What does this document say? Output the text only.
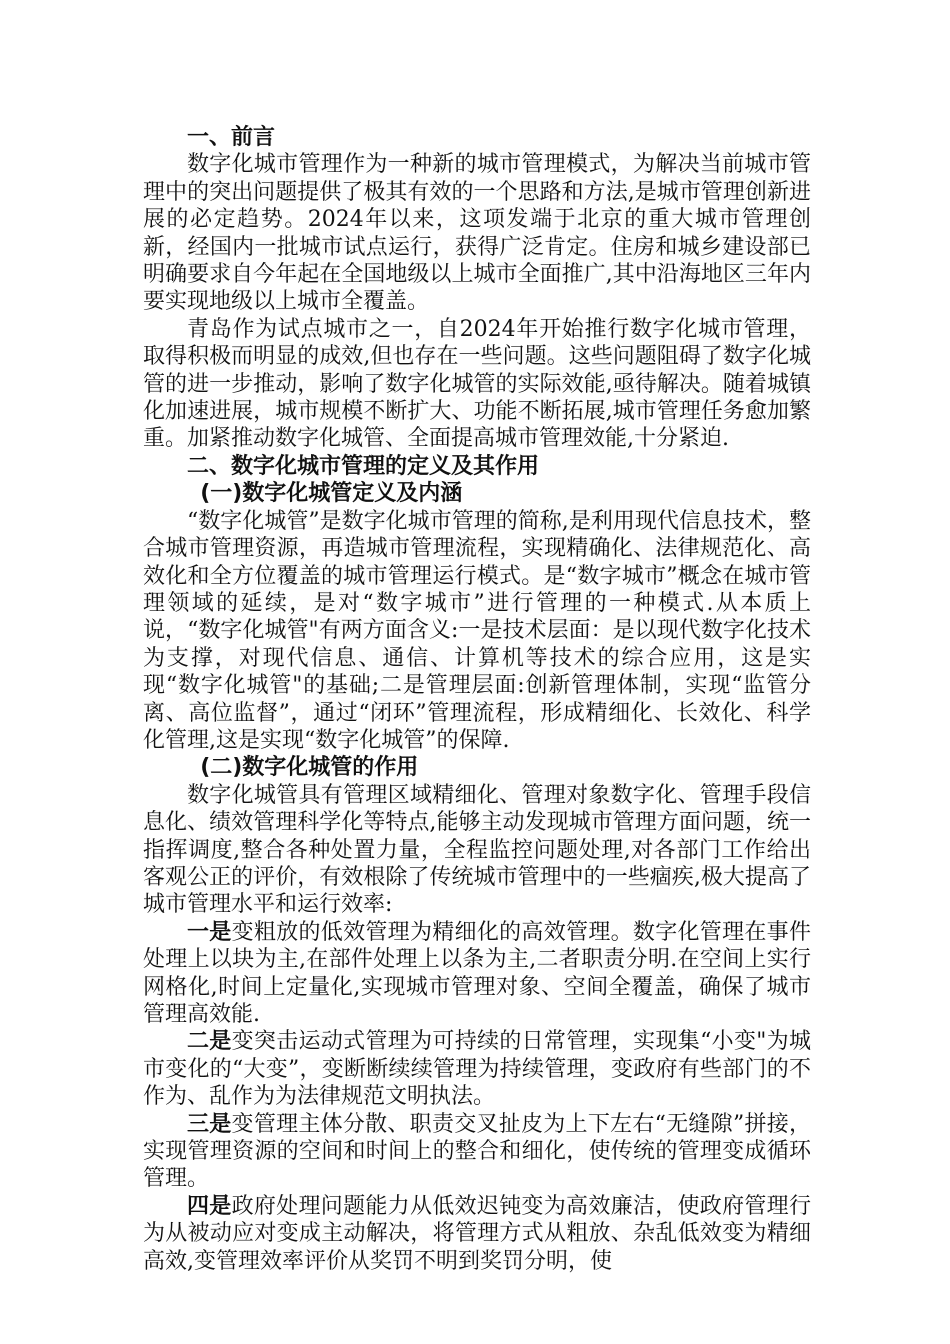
一、前言

数字化城市管理作为一种新的城市管理模式，为解决当前城市管理中的突出问题提供了极其有效的一个思路和方法,是城市管理创新进展的必定趋势。2024年以来，这项发端于北京的重大城市管理创新，经国内一批城市试点运行，获得广泛肯定。住房和城乡建设部已明确要求自今年起在全国地级以上城市全面推广,其中沿海地区三年内要实现地级以上城市全覆盖。

青岛作为试点城市之一，自2024年开始推行数字化城市管理，取得积极而明显的成效,但也存在一些问题。这些问题阻碍了数字化城管的进一步推动，影响了数字化城管的实际效能,亟待解决。随着城镇化加速进展，城市规模不断扩大、功能不断拓展,城市管理任务愈加繁重。加紧推动数字化城管、全面提高城市管理效能,十分紧迫.

二、数字化城市管理的定义及其作用
(一)数字化城管定义及内涵

“数字化城管”是数字化城市管理的简称,是利用现代信息技术，整合城市管理资源，再造城市管理流程，实现精确化、法律规范化、高效化和全方位覆盖的城市管理运行模式。是“数字城市”概念在城市管理领域的延续，是对“数字城市”进行管理的一种模式.从本质上说，“数字化城管"有两方面含义:一是技术层面：是以现代数字化技术为支撑，对现代信息、通信、计算机等技术的综合应用，这是实现“数字化城管"的基础;二是管理层面:创新管理体制，实现“监管分离、高位监督”，通过“闭环”管理流程，形成精细化、长效化、科学化管理,这是实现“数字化城管”的保障.

(二)数字化城管的作用

数字化城管具有管理区域精细化、管理对象数字化、管理手段信息化、绩效管理科学化等特点,能够主动发现城市管理方面问题，统一指挥调度,整合各种处置力量，全程监控问题处理,对各部门工作给出客观公正的评价，有效根除了传统城市管理中的一些痼疾,极大提高了城市管理水平和运行效率:

一是变粗放的低效管理为精细化的高效管理。数字化管理在事件处理上以块为主,在部件处理上以条为主,二者职责分明.在空间上实行网格化,时间上定量化,实现城市管理对象、空间全覆盖，确保了城市管理高效能.

二是变突击运动式管理为可持续的日常管理，实现集“小变"为城市变化的“大变”，变断断续续管理为持续管理，变政府有些部门的不作为、乱作为为法律规范文明执法。

三是变管理主体分散、职责交叉扯皮为上下左右“无缝隙”拼接，实现管理资源的空间和时间上的整合和细化，使传统的管理变成循环管理。

四是政府处理问题能力从低效迟钝变为高效廉洁，使政府管理行为从被动应对变成主动解决，将管理方式从粗放、杂乱低效变为精细高效,变管理效率评价从奖罚不明到奖罚分明，使
